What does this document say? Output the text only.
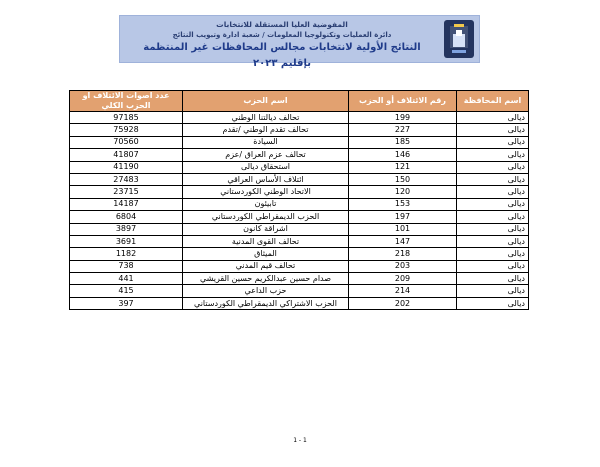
المفوضية العليا المستقلة للانتخابات
دائرة العمليات وتكنولوجيا المعلومات / شعبة ادارة وتبويب النتائج
النتائج الأولية لانتخابات مجالس المحافظات غير المنتظمة بإقليم ٢٠٢٣
اسم المحافظة	رقم الائتلاف أو الحزب	اسم الحزب	عدد اصوات الائتلاف او الحزب الكلي
ديالى	199	تحالف ديالتنا الوطني	97185
ديالى	227	تحالف تقدم الوطني /تقدم	75928
ديالى	185	السيادة	70560
ديالى	146	تحالف عزم العراق /عزم	41807
ديالى	121	استحقاق ديالى	41190
ديالى	150	ائتلاف الأساس العراقي	27483
ديالى	120	الاتحاد الوطني الكوردستاني	23715
ديالى	153	تابيئون	14187
ديالى	197	الحزب الديمقراطي الكوردستاني	6804
ديالى	101	اشراقة كانون	3897
ديالى	147	تحالف القوى المدنية	3691
ديالى	218	الميثاق	1182
ديالى	203	تحالف قيم المدني	738
ديالى	209	صدام حسين عبدالكريم حسين القريشي	441
ديالى	214	حزب الداعي	415
ديالى	202	الحزب الاشتراكي الديمقراطي الكوردستاني	397
1 - 1
